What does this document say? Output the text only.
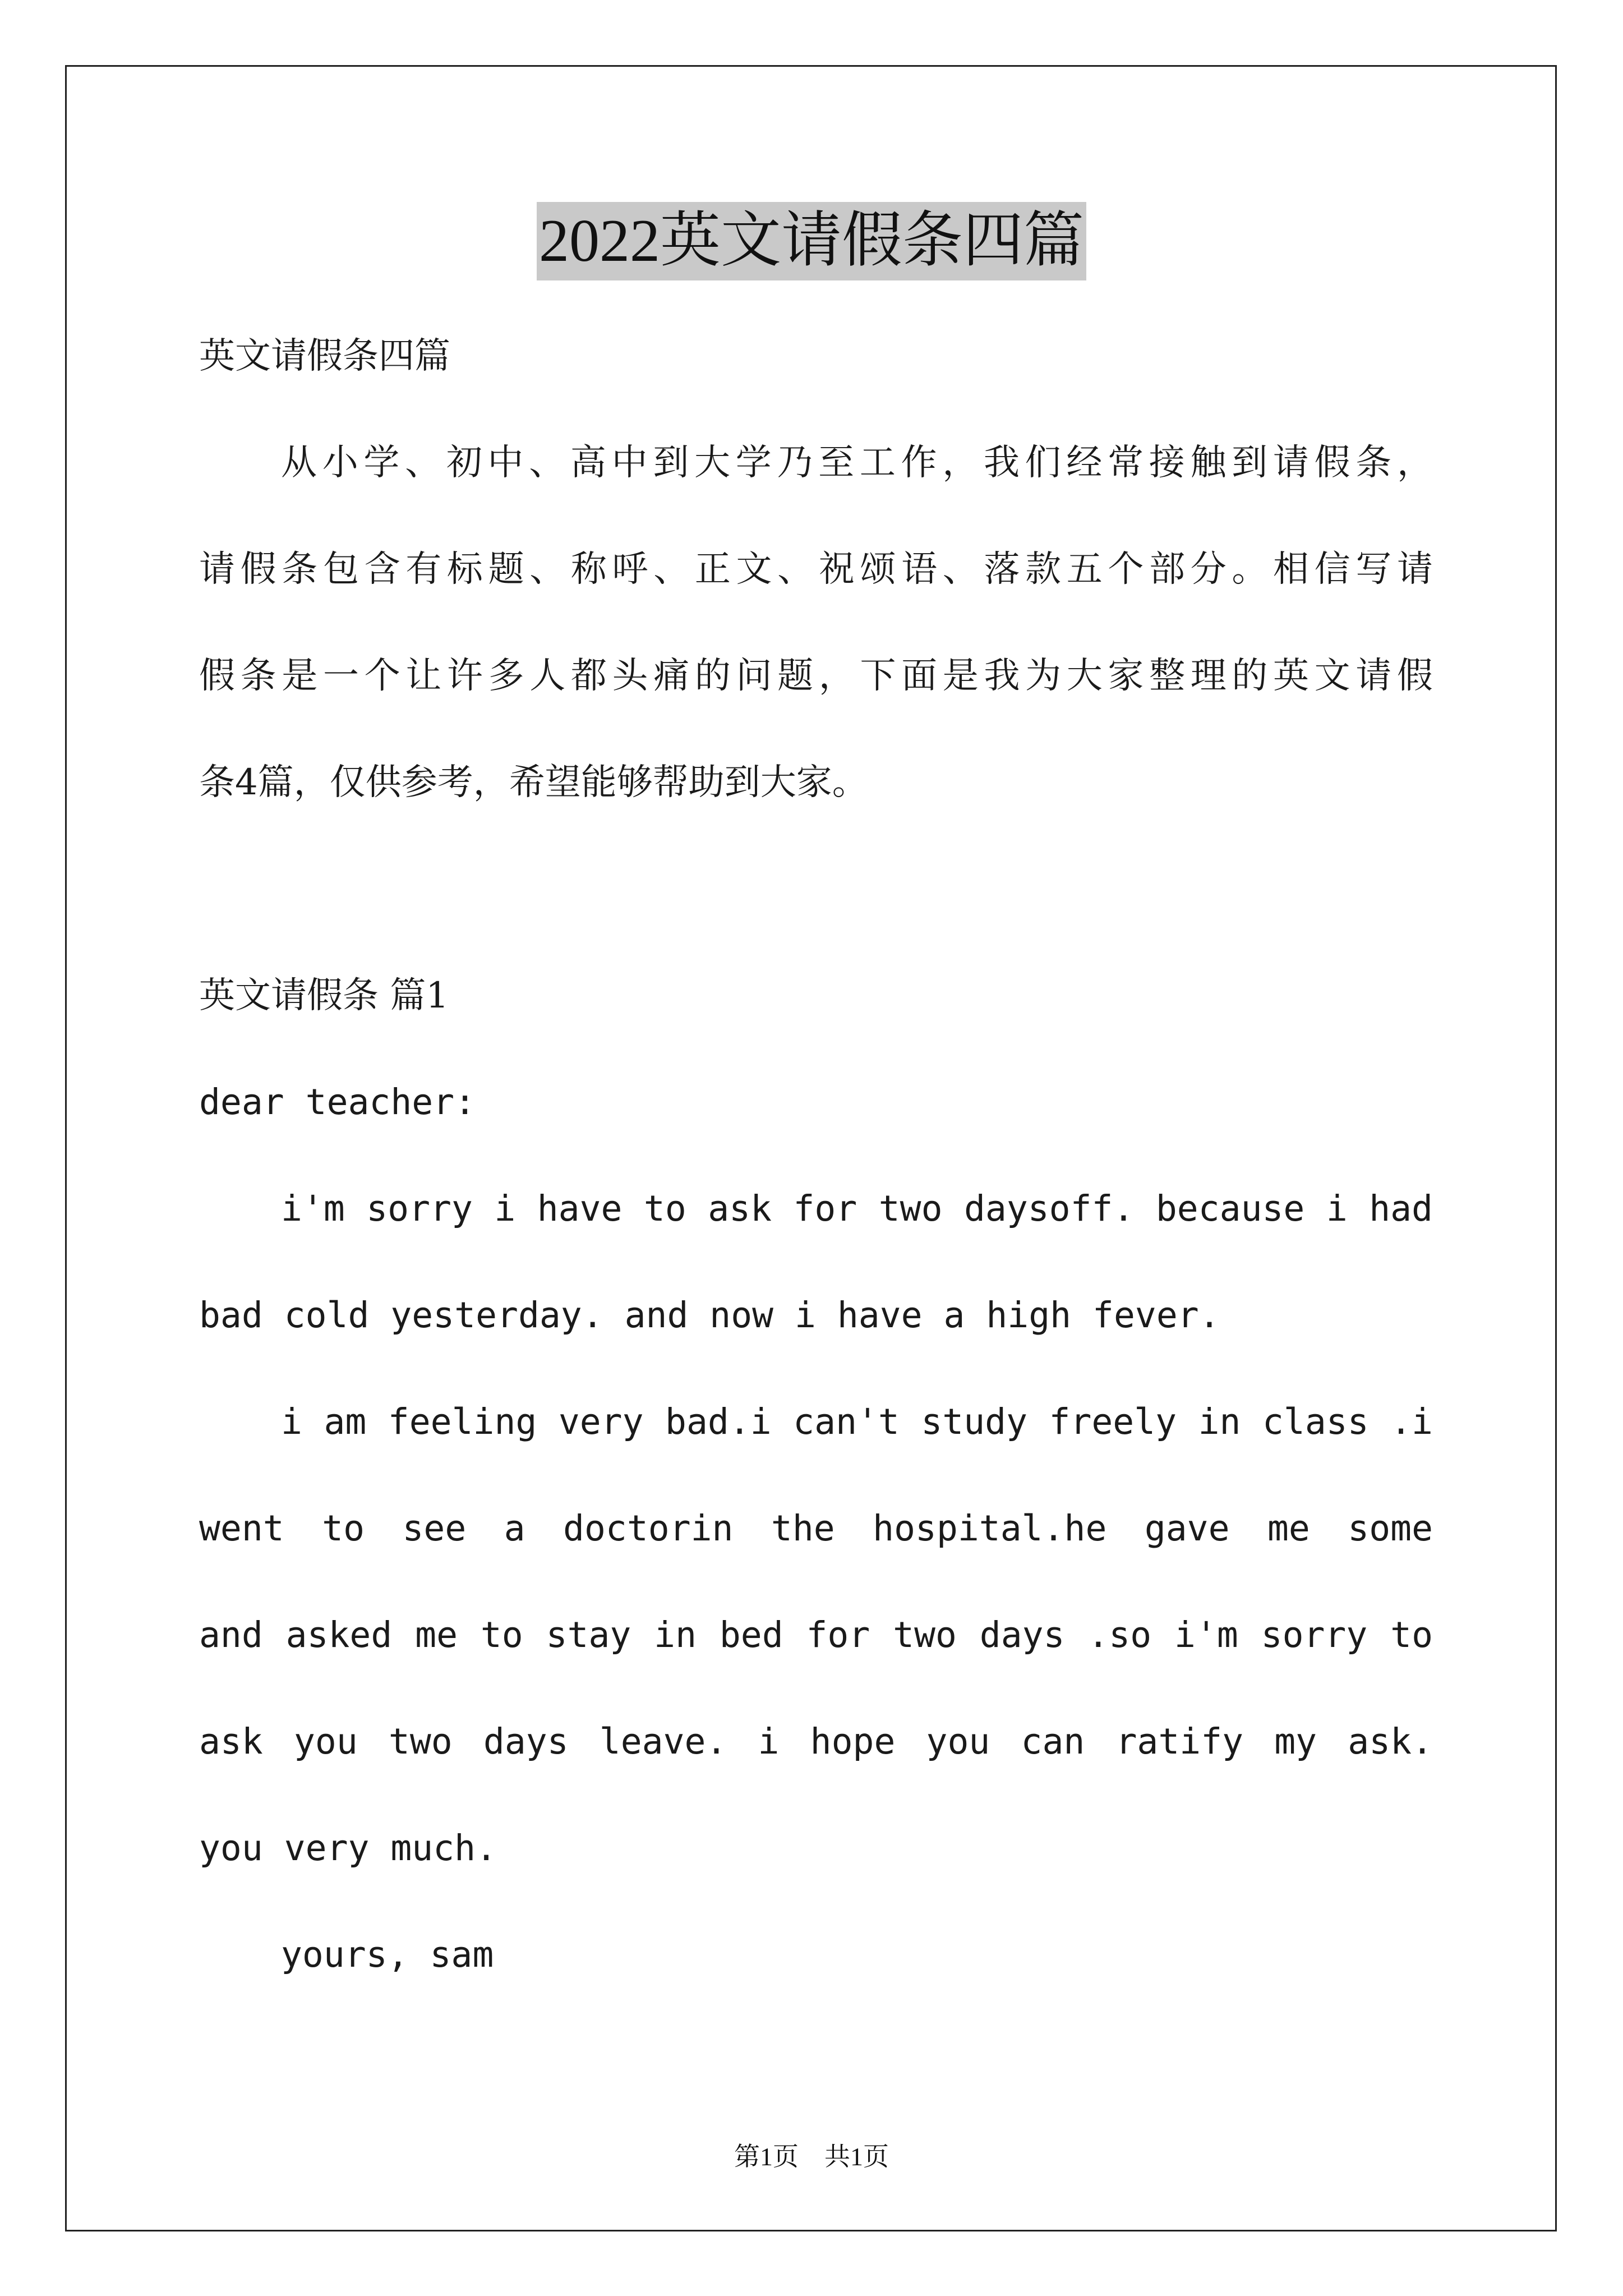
2022英文请假条四篇

英文请假条四篇

从小学、初中、高中到大学乃至工作，我们经常接触到请假条，

请假条包含有标题、称呼、正文、祝颂语、落款五个部分。相信写请

假条是一个让许多人都头痛的问题，下面是我为大家整理的英文请假

条4篇，仅供参考，希望能够帮助到大家。

英文请假条 篇1

dear teacher:

i'm sorry i have to ask for two daysoff. because i had

bad cold yesterday. and now i have a high fever.

i am feeling very bad.i can't study freely in class .i

went to see a doctorin the hospital.he gave me some

and asked me to stay in bed for two days .so i'm sorry to

ask you two days leave. i hope you can ratify my ask.

you very much.

yours, sam

第1页　共1页
